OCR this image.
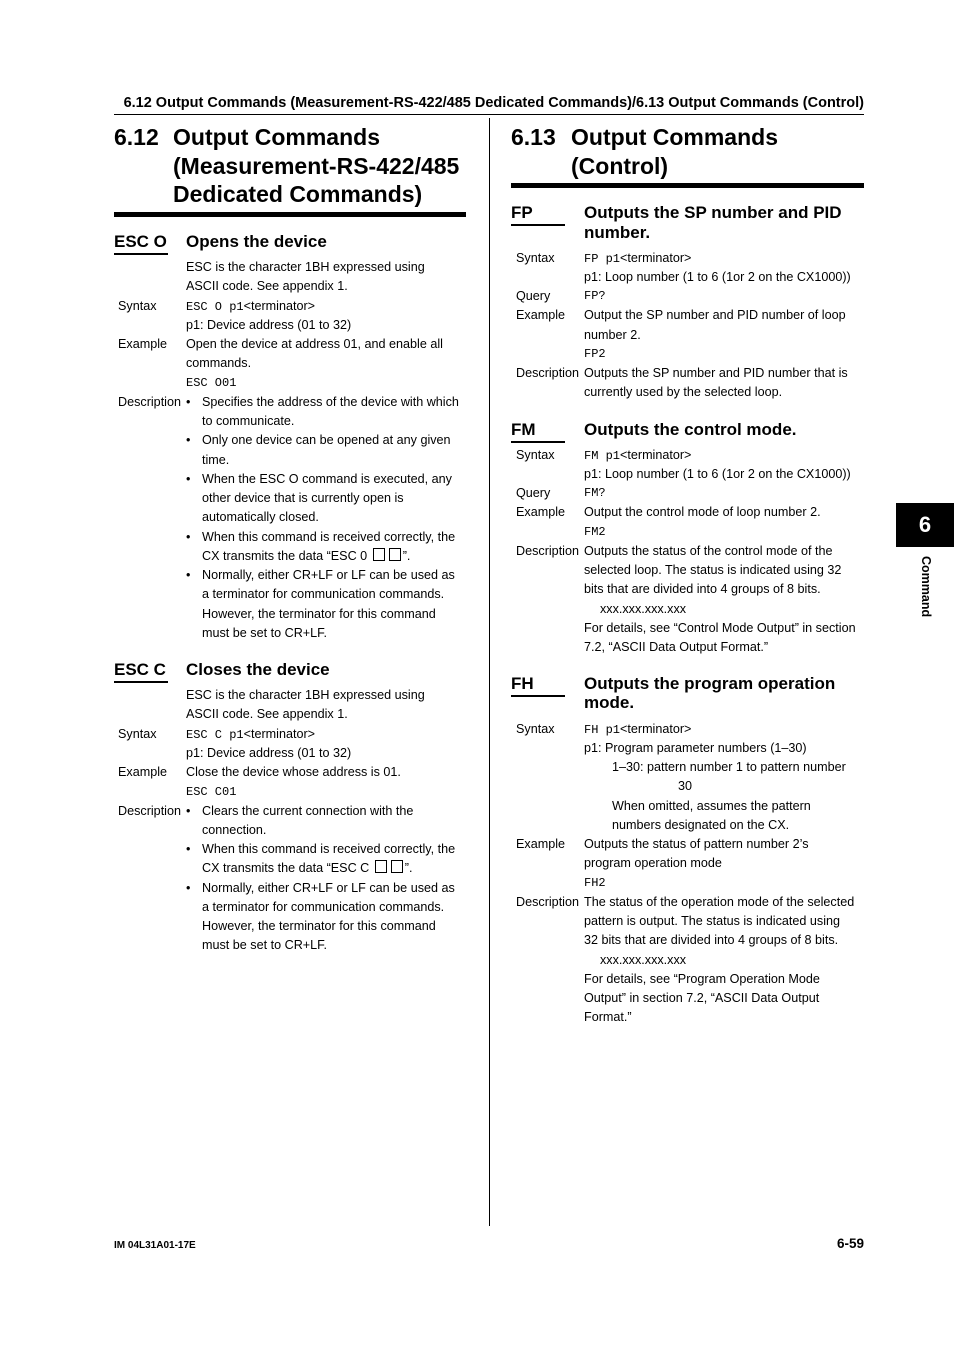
6.12 Output Commands (Measurement-RS-422/485 Dedicated Commands)/6.13 Output Commands (Control)
6.12 Output Commands
(Measurement-RS-422/485
Dedicated Commands)
ESC O Opens the device
ESC is the character 1BH expressed using
ASCII code. See appendix 1.
Syntax ESC O p1<terminator>
p1: Device address (01 to 32)
Example Open the device at address 01, and enable all
commands.
ESC O01
Description • Specifies the address of the device with which
to communicate.
• Only one device can be opened at any given
time.
• When the ESC O command is executed, any
other device that is currently open is
automatically closed.
• When this command is received correctly, the
CX transmits the data “ESC 0	”.
• Normally, either CR+LF or LF can be used as
a terminator for communication commands.
However, the terminator for this command
must be set to CR+LF.
ESC C Closes the device
ESC is the character 1BH expressed using
ASCII code. See appendix 1.
Syntax ESC C p1<terminator>
p1: Device address (01 to 32)
Example Close the device whose address is 01.
ESC C01
Description • Clears the current connection with the
connection.
• When this command is received correctly, the
CX transmits the data “ESC C	”.
• Normally, either CR+LF or LF can be used as
a terminator for communication commands.
However, the terminator for this command
must be set to CR+LF.
6.13 Output Commands
(Control)
FP	Outputs the SP number and PID
number.
Syntax FP p1<terminator>
p1: Loop number (1 to 6 (1or 2 on the CX1000))
Query	FP?
Example Output the SP number and PID number of loop
number 2.
FP2
Description Outputs the SP number and PID number that is
currently used by the selected loop.
FM	Outputs the control mode.
Syntax FM p1<terminator>
p1: Loop number (1 to 6 (1or 2 on the CX1000))
Query	FM?
Example Output the control mode of loop number 2.
FM2
Description Outputs the status of the control mode of the
selected loop. The status is indicated using 32
bits that are divided into 4 groups of 8 bits.
xxx.xxx.xxx.xxx
For details, see “Control Mode Output” in section
7.2, “ASCII Data Output Format.”
FH	Outputs the program operation
mode.
Syntax FH p1<terminator>
p1: Program parameter numbers (1–30)
1–30: pattern number 1 to pattern number
30
When omitted, assumes the pattern
numbers designated on the CX.
Example Outputs the status of pattern number 2’s
program operation mode
FH2
Description The status of the operation mode of the selected
pattern is output. The status is indicated using
32 bits that are divided into 4 groups of 8 bits.
xxx.xxx.xxx.xxx
For details, see “Program Operation Mode
Output” in section 7.2, “ASCII Data Output
Format.”
6
Command
IM 04L31A01-17E	6-59
